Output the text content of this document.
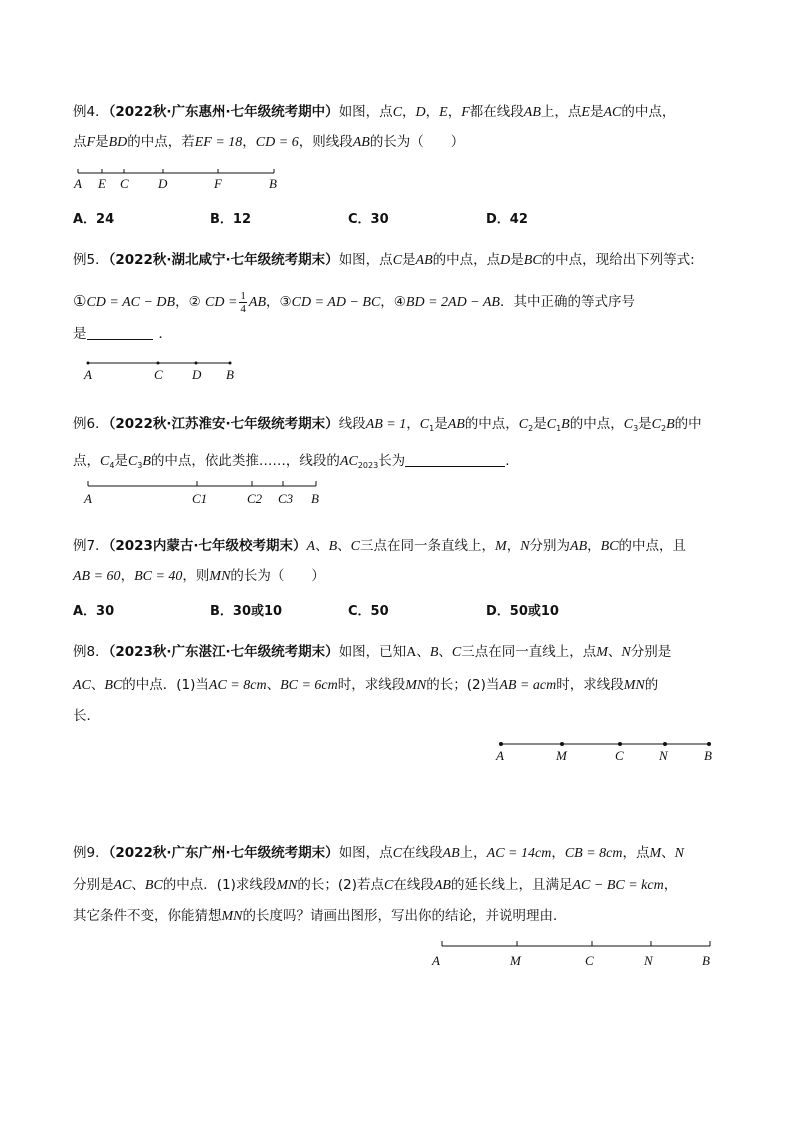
例4．（2022秋·广东惠州·七年级统考期中）如图，点C，D，E，F都在线段AB上，点E是AC的中点，
点F是BD的中点，若EF = 18，CD = 6，则线段AB的长为（　　）
A E C D	F	B
A．24	B．12	C．30	D．42
例5．（2022秋·湖北咸宁·七年级统考期末）如图，点C是AB的中点，点D是BC的中点，现给出下列等式:
①CD = AC − DB，② CD = $\frac{1}{4}$ AB，③CD = AD − BC，④BD = 2AD − AB．其中正确的等式序号
是	．
A	C D B
例6．（2022秋·江苏淮安·七年级统考期末）线段AB = 1，$C_1$是AB的中点，$C_2$是$C_1B$的中点，$C_3$是$C_2B$的中
点，$C_4$是$C_3B$的中点，依此类推……，线段的$AC_{2023}$长为	.
A	C1	C2 C3 B
例7．（2023内蒙古·七年级校考期末）A、B、C三点在同一条直线上，M，N分别为AB，BC的中点，且
AB = 60，BC = 40，则MN的长为（　　）
A．30	B．30或10	C．50	D．50或10
例8．（2023秋·广东湛江·七年级统考期末）如图，已知A、B、C三点在同一直线上，点M、N分别是
AC、BC的中点．(1)当AC = 8cm、BC = 6cm时，求线段MN的长；(2)当AB = acm时，求线段MN的
长．
A	M	C	N	B
例9．（2022秋·广东广州·七年级统考期末）如图，点C在线段AB上，AC = 14cm，CB = 8cm，点M、N
分别是AC、BC的中点．(1)求线段MN的长；(2)若点C在线段AB的延长线上，且满足AC − BC = kcm，
其它条件不变，你能猜想MN的长度吗？请画出图形，写出你的结论，并说明理由．
A	M	C	N	B
